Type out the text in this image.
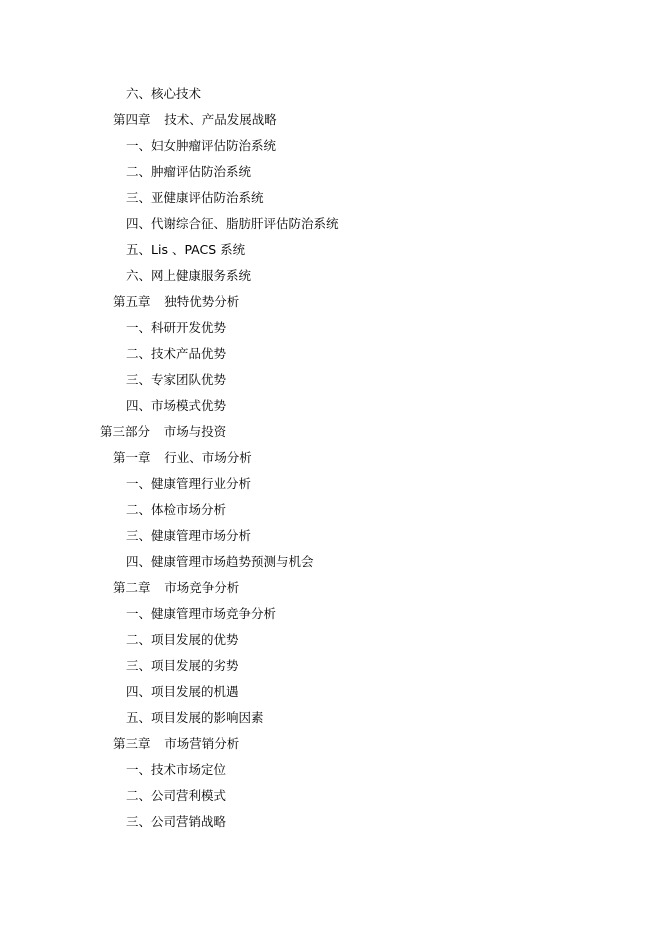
六、 核心技术
第四章 技术、产品发展战略
一、 妇女肿瘤评估防治系统
二、 肿瘤评估防治系统
三、 亚健康评估防治系统
四、 代谢综合征、脂肪肝评估防治系统
五、 Lis 、PACS 系统
六、 网上健康服务系统
第五章 独特优势分析
一、 科研开发优势
二、 技术产品优势
三、 专家团队优势
四、 市场模式优势
第三部分 市场与投资
第一章 行业、市场分析
一、 健康管理行业分析
二、 体检市场分析
三、 健康管理市场分析
四、 健康管理市场趋势预测与机会
第二章 市场竞争分析
一、 健康管理市场竞争分析
二、 项目发展的优势
三、 项目发展的劣势
四、 项目发展的机遇
五、 项目发展的影响因素
第三章 市场营销分析
一、 技术市场定位
二、 公司营利模式
三、 公司营销战略
